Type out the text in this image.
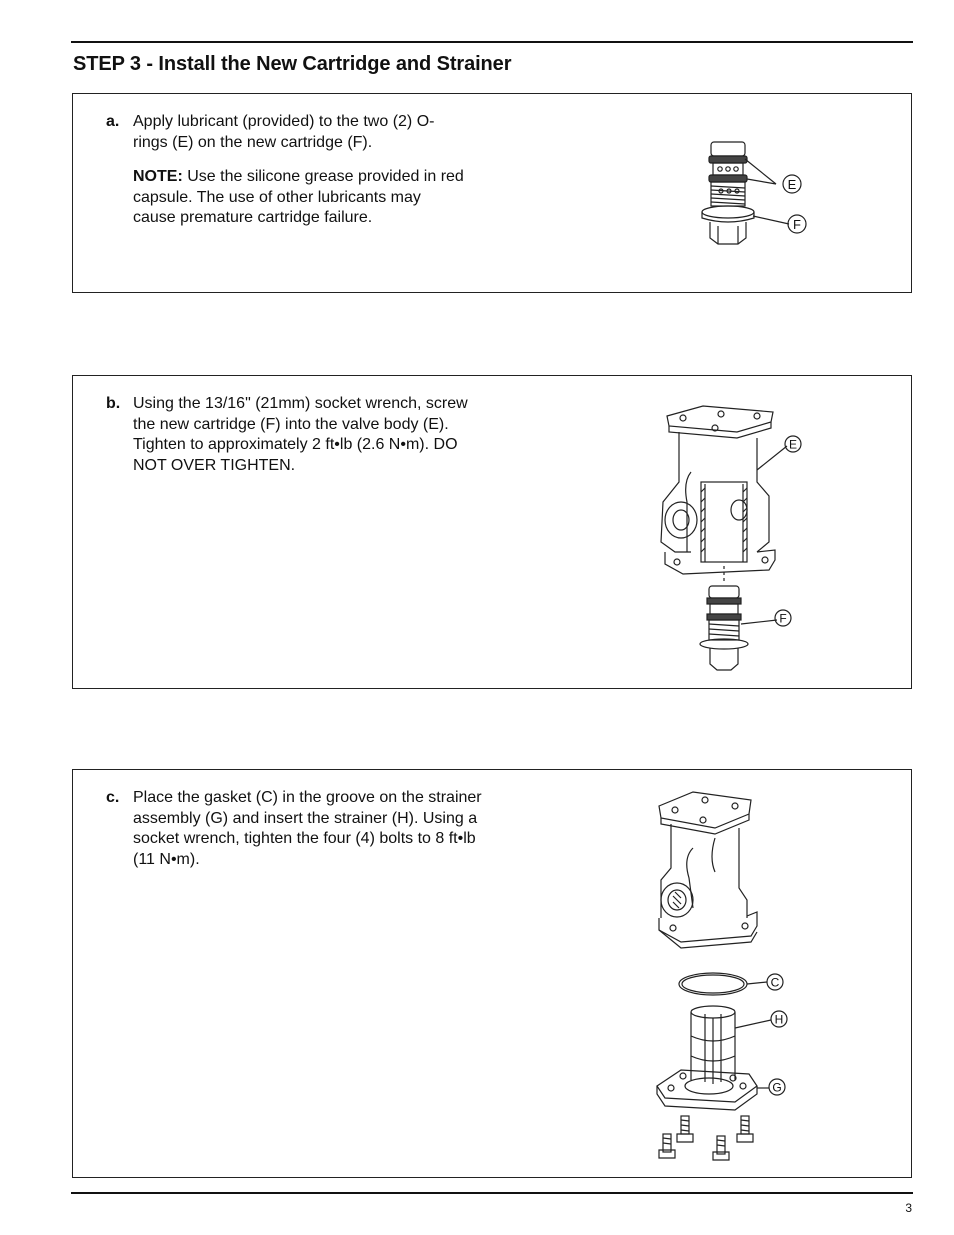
STEP 3 - Install the New Cartridge and Strainer
a. Apply lubricant (provided) to the two (2) O-rings (E) on the new cartridge (F).

NOTE: Use the silicone grease provided in red capsule. The use of other lubricants may cause premature cartridge failure.

E
F
b. Using the 13/16" (21mm) socket wrench, screw the new cartridge (F) into the valve body (E). Tighten to approximately 2 ft•lb (2.6 N•m). DO NOT OVER TIGHTEN.

E
F
c. Place the gasket (C) in the groove on the strainer assembly (G) and insert the strainer (H). Using a socket wrench, tighten the four (4) bolts to 8 ft•lb (11 N•m).

C
H
G
3
